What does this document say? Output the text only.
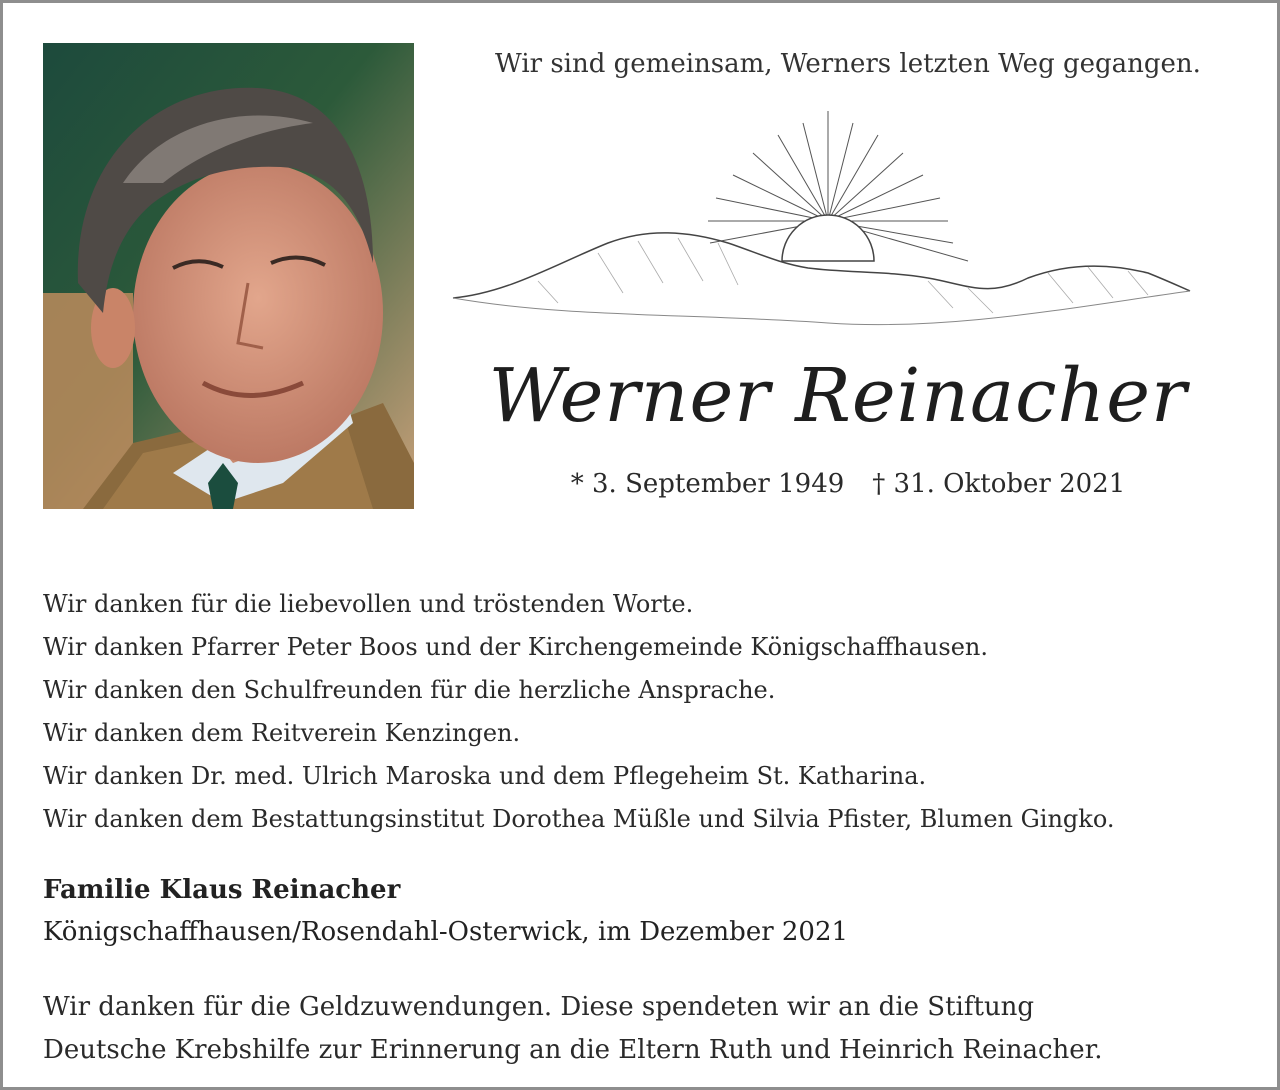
Wir sind gemeinsam, Werners letzten Weg gegangen.
Werner Reinacher
* 3. September 1949 † 31. Oktober 2021
Wir danken für die liebevollen und tröstenden Worte.
Wir danken Pfarrer Peter Boos und der Kirchengemeinde Königschaffhausen.
Wir danken den Schulfreunden für die herzliche Ansprache.
Wir danken dem Reitverein Kenzingen.
Wir danken Dr. med. Ulrich Maroska und dem Pflegeheim St. Katharina.
Wir danken dem Bestattungsinstitut Dorothea Müßle und Silvia Pfister, Blumen Gingko.
Familie Klaus Reinacher
Königschaffhausen/Rosendahl-Osterwick, im Dezember 2021
Wir danken für die Geldzuwendungen. Diese spendeten wir an die Stiftung
Deutsche Krebshilfe zur Erinnerung an die Eltern Ruth und Heinrich Reinacher.
